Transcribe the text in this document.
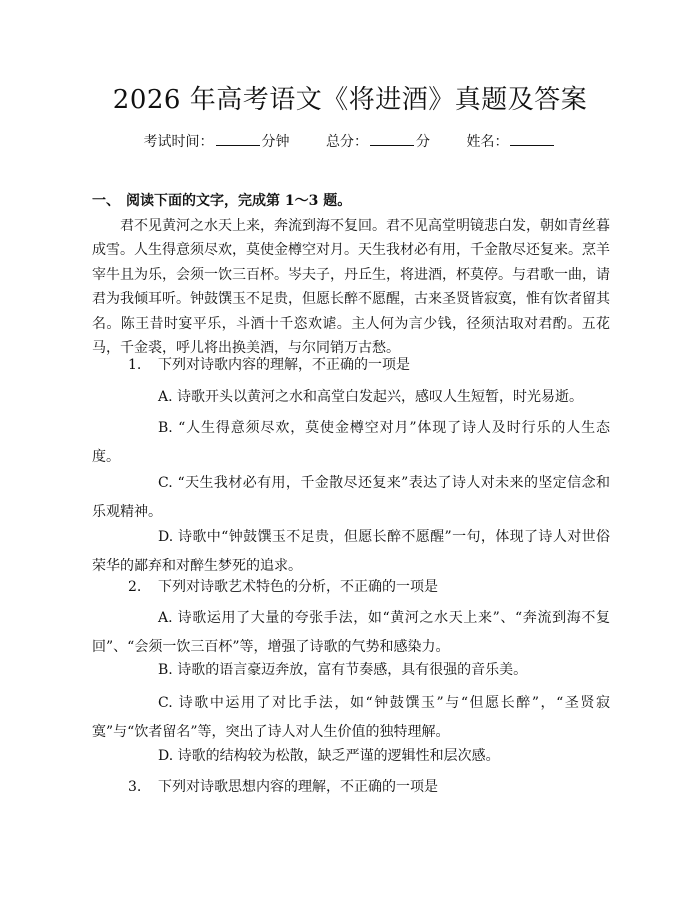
2026 年高考语文《将进酒》真题及答案
考试时间：	分钟	总分：	分	姓名：
一、 阅读下面的文字，完成第 1～3 题。
君不见黄河之水天上来，奔流到海不复回。君不见高堂明镜悲白发，朝如青丝暮成雪。人生得意须尽欢，莫使金樽空对月。天生我材必有用，千金散尽还复来。烹羊宰牛且为乐，会须一饮三百杯。岑夫子，丹丘生，将进酒，杯莫停。与君歌一曲，请君为我倾耳听。钟鼓馔玉不足贵，但愿长醉不愿醒，古来圣贤皆寂寞，惟有饮者留其名。陈王昔时宴平乐，斗酒十千恣欢谑。主人何为言少钱，径须沽取对君酌。五花马，千金裘，呼儿将出换美酒，与尔同销万古愁。
1. 下列对诗歌内容的理解，不正确的一项是
A. 诗歌开头以黄河之水和高堂白发起兴，感叹人生短暂，时光易逝。
B. “人生得意须尽欢，莫使金樽空对月”体现了诗人及时行乐的人生态度。
C. “天生我材必有用，千金散尽还复来”表达了诗人对未来的坚定信念和乐观精神。
D. 诗歌中“钟鼓馔玉不足贵，但愿长醉不愿醒”一句，体现了诗人对世俗荣华的鄙弃和对醉生梦死的追求。
2. 下列对诗歌艺术特色的分析，不正确的一项是
A. 诗歌运用了大量的夸张手法，如“黄河之水天上来”、“奔流到海不复回”、“会须一饮三百杯”等，增强了诗歌的气势和感染力。
B. 诗歌的语言豪迈奔放，富有节奏感，具有很强的音乐美。
C. 诗歌中运用了对比手法，如“钟鼓馔玉”与“但愿长醉”，“圣贤寂寞”与“饮者留名”等，突出了诗人对人生价值的独特理解。
D. 诗歌的结构较为松散，缺乏严谨的逻辑性和层次感。
3. 下列对诗歌思想内容的理解，不正确的一项是
